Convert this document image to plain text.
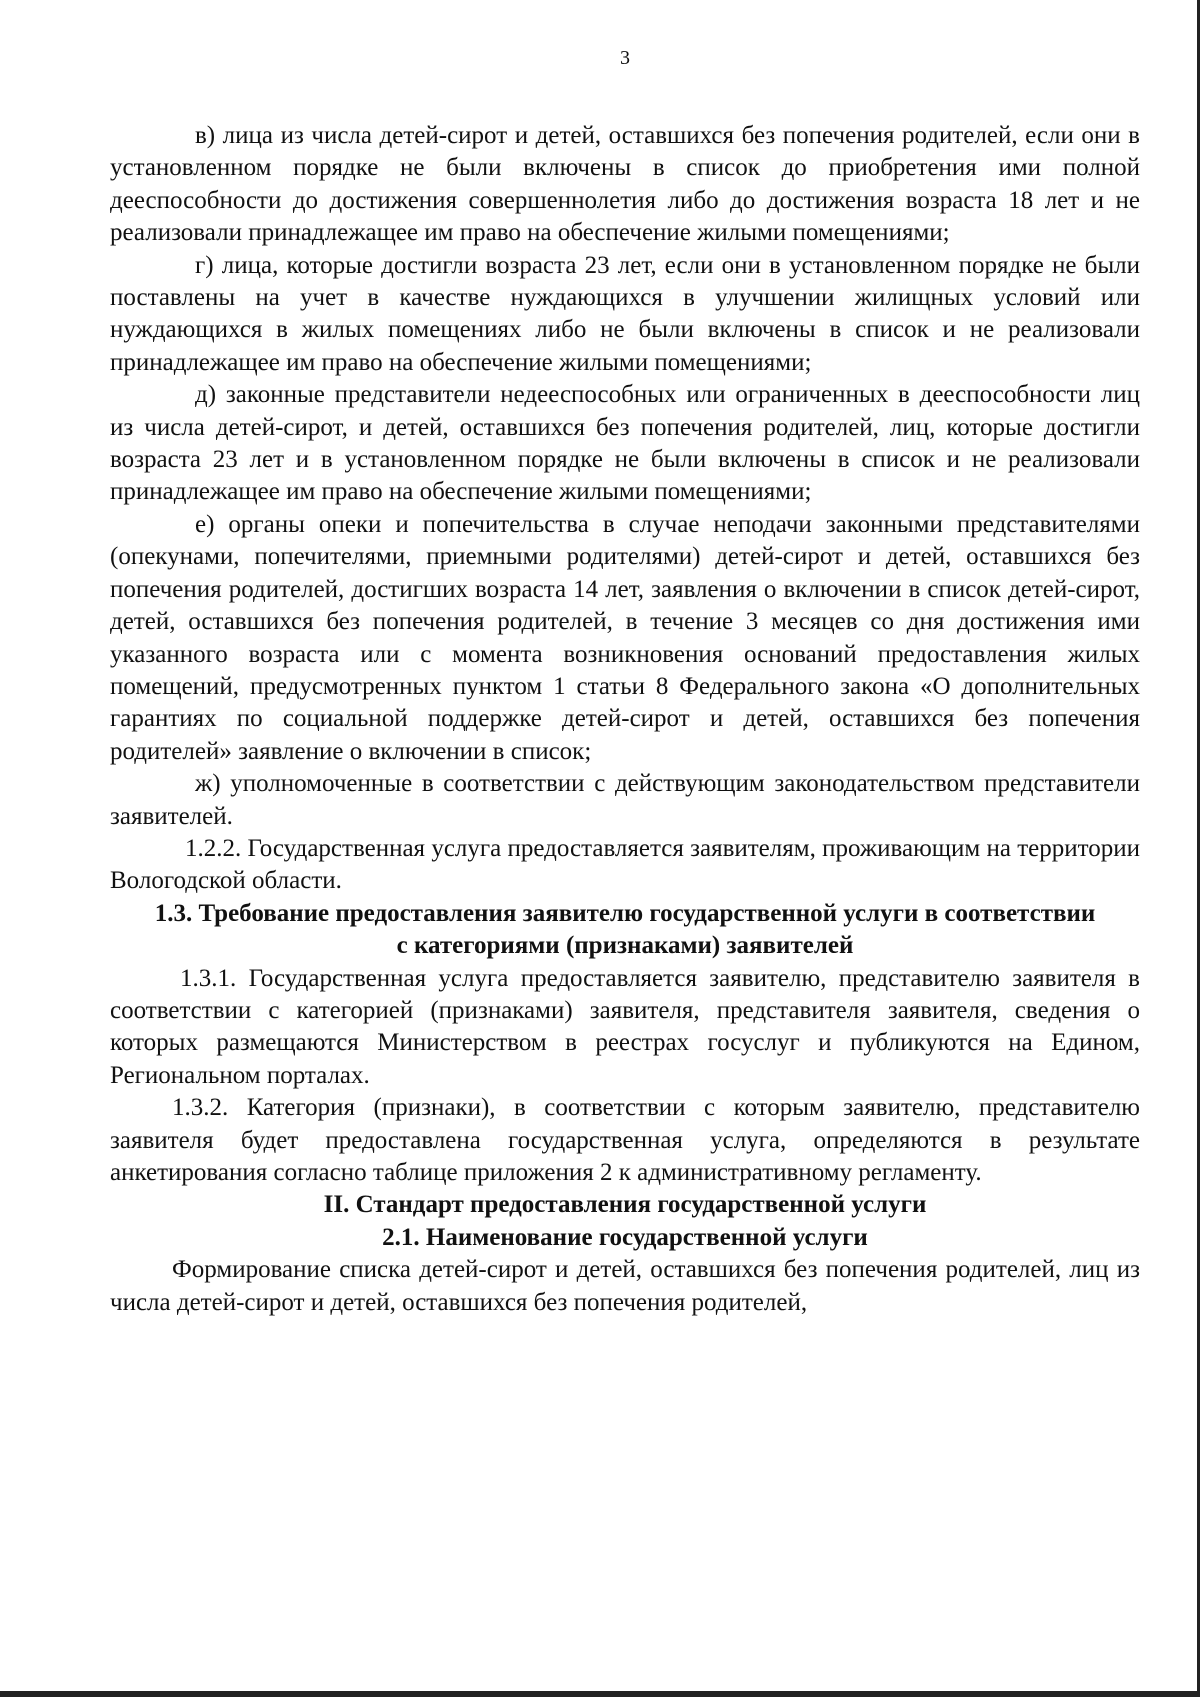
3

в) лица из числа детей-сирот и детей, оставшихся без попечения родителей, если они в установленном порядке не были включены в список до приобретения ими полной дееспособности до достижения совершеннолетия либо до достижения возраста 18 лет и не реализовали принадлежащее им право на обеспечение жилыми помещениями;

г) лица, которые достигли возраста 23 лет, если они в установленном порядке не были поставлены на учет в качестве нуждающихся в улучшении жилищных условий или нуждающихся в жилых помещениях либо не были включены в список и не реализовали принадлежащее им право на обеспечение жилыми помещениями;

д) законные представители недееспособных или ограниченных в дееспособности лиц из числа детей-сирот, и детей, оставшихся без попечения родителей, лиц, которые достигли возраста 23 лет и в установленном порядке не были включены в список и не реализовали принадлежащее им право на обеспечение жилыми помещениями;

е) органы опеки и попечительства в случае неподачи законными представителями (опекунами, попечителями, приемными родителями) детей-сирот и детей, оставшихся без попечения родителей, достигших возраста 14 лет, заявления о включении в список детей-сирот, детей, оставшихся без попечения родителей, в течение 3 месяцев со дня достижения ими указанного возраста или с момента возникновения оснований предоставления жилых помещений, предусмотренных пунктом 1 статьи 8 Федерального закона «О дополнительных гарантиях по социальной поддержке детей-сирот и детей, оставшихся без попечения родителей» заявление о включении в список;

ж) уполномоченные в соответствии с действующим законодательством представители заявителей.

1.2.2. Государственная услуга предоставляется заявителям, проживающим на территории Вологодской области.

1.3. Требование предоставления заявителю государственной услуги в соответствии с категориями (признаками) заявителей

1.3.1. Государственная услуга предоставляется заявителю, представителю заявителя в соответствии с категорией (признаками) заявителя, представителя заявителя, сведения о которых размещаются Министерством в реестрах госуслуг и публикуются на Едином, Региональном порталах.

1.3.2. Категория (признаки), в соответствии с которым заявителю, представителю заявителя будет предоставлена государственная услуга, определяются в результате анкетирования согласно таблице приложения 2 к административному регламенту.

II. Стандарт предоставления государственной услуги
2.1. Наименование государственной услуги

Формирование списка детей-сирот и детей, оставшихся без попечения родителей, лиц из числа детей-сирот и детей, оставшихся без попечения родителей,
